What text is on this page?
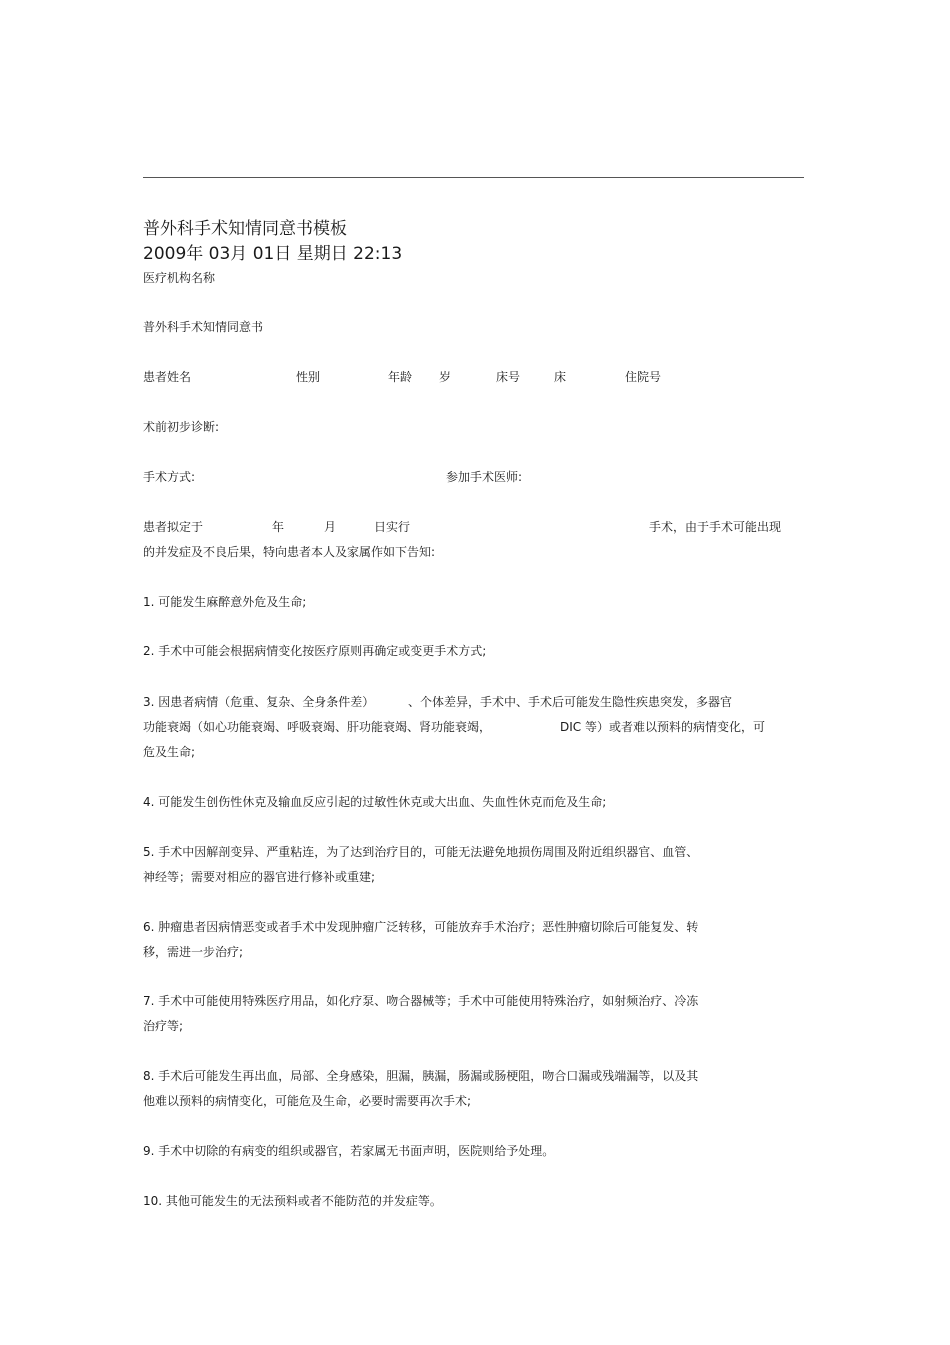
普外科手术知情同意书模板
2009年 03月 01日 星期日 22:13
医疗机构名称
普外科手术知情同意书
患者姓名	性别	年龄 岁	床号	床	住院号
术前初步诊断:
手术方式:	参加手术医师:
患者拟定于	年	月	日实行	手术，由于手术可能出现
的并发症及不良后果，特向患者本人及家属作如下告知:
1. 可能发生麻醉意外危及生命;
2. 手术中可能会根据病情变化按医疗原则再确定或变更手术方式;
3. 因患者病情（危重、复杂、全身条件差）	、个体差异，手术中、手术后可能发生隐性疾患突发，多器官
功能衰竭（如心功能衰竭、呼吸衰竭、肝功能衰竭、肾功能衰竭，	DIC 等）或者难以预料的病情变化，可
危及生命;
4. 可能发生创伤性休克及输血反应引起的过敏性休克或大出血、失血性休克而危及生命;
5. 手术中因解剖变异、严重粘连，为了达到治疗目的，可能无法避免地损伤周围及附近组织器官、血管、
神经等；需要对相应的器官进行修补或重建;
6. 肿瘤患者因病情恶变或者手术中发现肿瘤广泛转移，可能放弃手术治疗；恶性肿瘤切除后可能复发、转
移，需进一步治疗;
7. 手术中可能使用特殊医疗用品，如化疗泵、吻合器械等；手术中可能使用特殊治疗，如射频治疗、冷冻
治疗等;
8. 手术后可能发生再出血，局部、全身感染，胆漏，胰漏，肠漏或肠梗阻，吻合口漏或残端漏等，以及其
他难以预料的病情变化，可能危及生命，必要时需要再次手术;
9. 手术中切除的有病变的组织或器官，若家属无书面声明，医院则给予处理。
10. 其他可能发生的无法预料或者不能防范的并发症等。
